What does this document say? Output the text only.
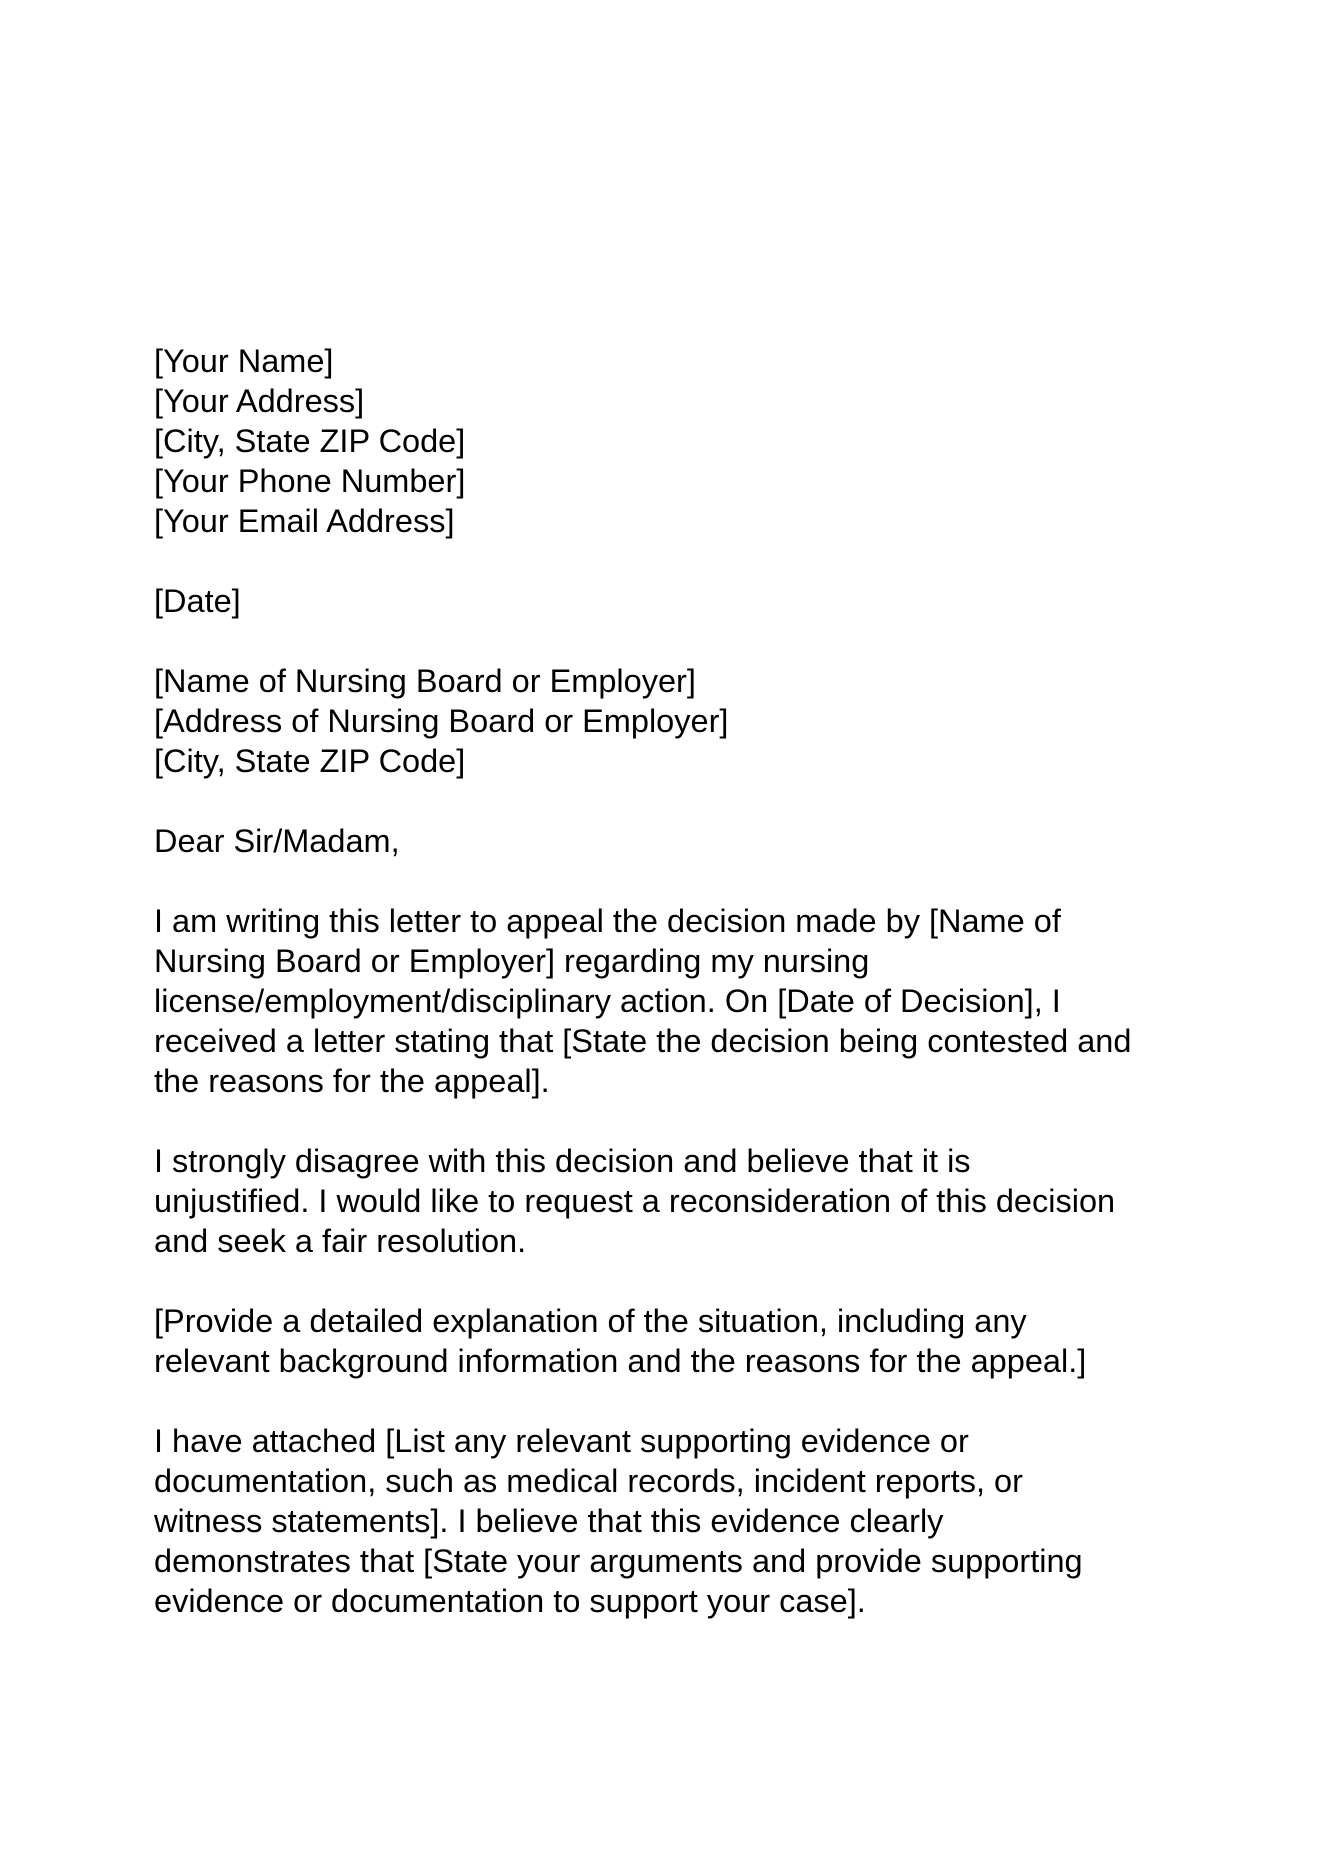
[Your Name]
[Your Address]
[City, State ZIP Code]
[Your Phone Number]
[Your Email Address]
[Date]
[Name of Nursing Board or Employer]
[Address of Nursing Board or Employer]
[City, State ZIP Code]
Dear Sir/Madam,
I am writing this letter to appeal the decision made by [Name of
Nursing Board or Employer] regarding my nursing
license/employment/disciplinary action. On [Date of Decision], I
received a letter stating that [State the decision being contested and
the reasons for the appeal].
I strongly disagree with this decision and believe that it is
unjustified. I would like to request a reconsideration of this decision
and seek a fair resolution.
[Provide a detailed explanation of the situation, including any
relevant background information and the reasons for the appeal.]
I have attached [List any relevant supporting evidence or
documentation, such as medical records, incident reports, or
witness statements]. I believe that this evidence clearly
demonstrates that [State your arguments and provide supporting
evidence or documentation to support your case].
